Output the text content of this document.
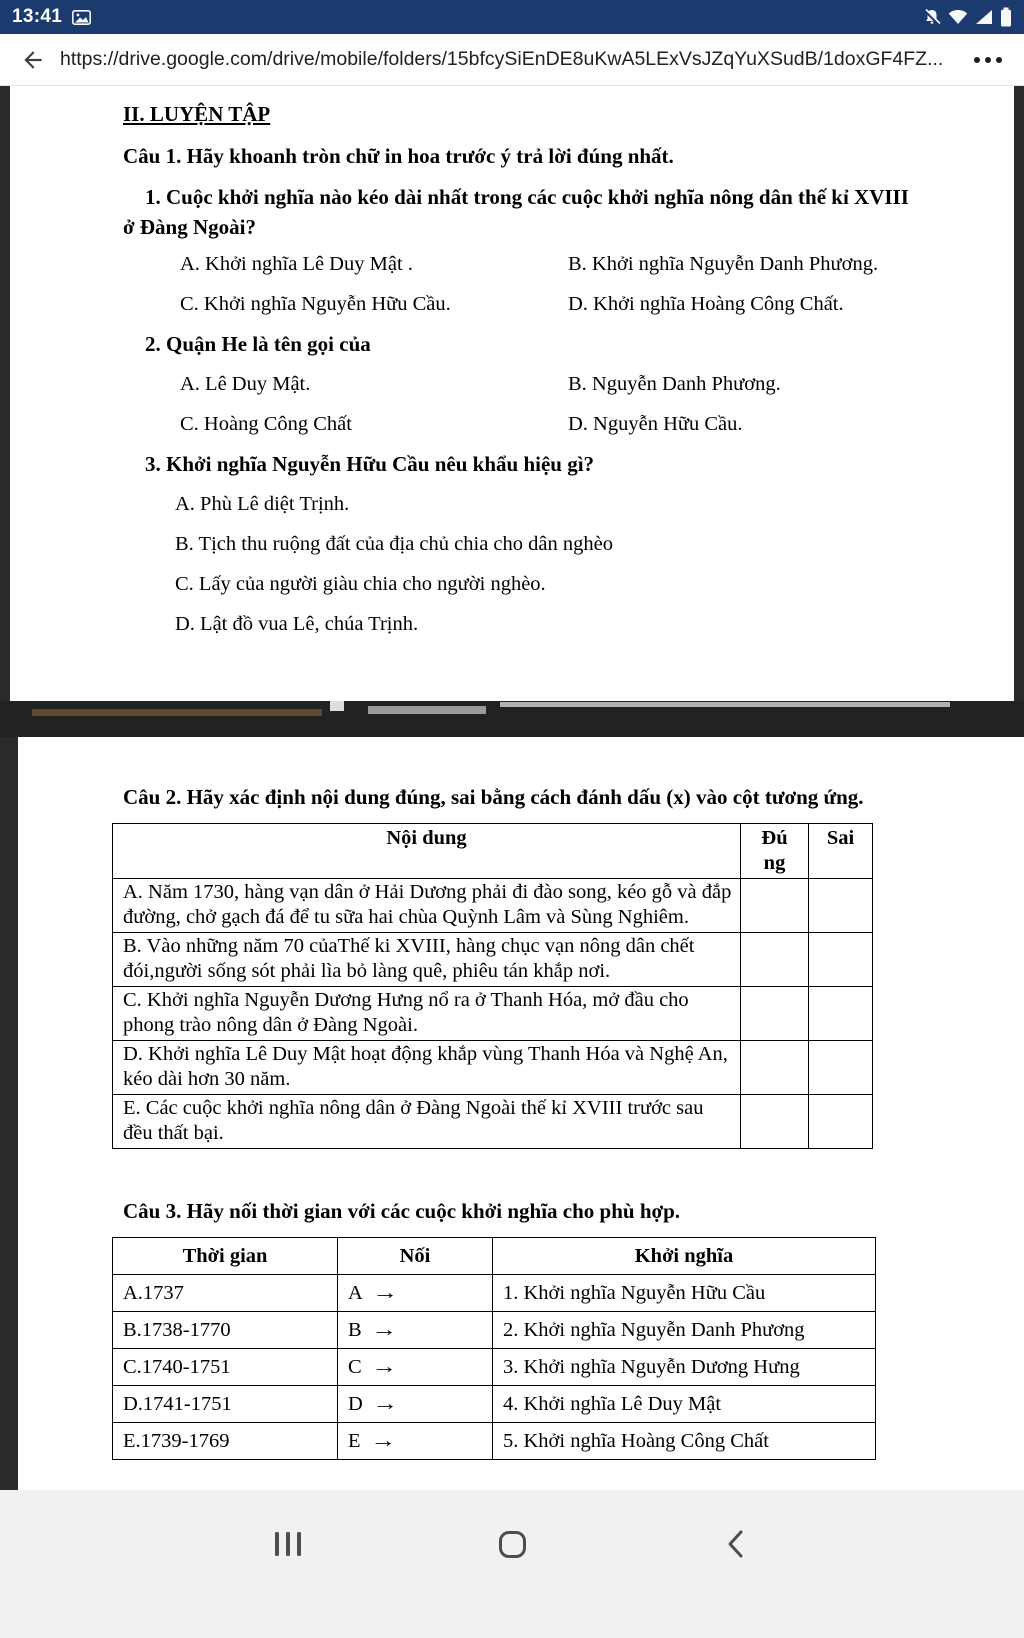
13:41
https://drive.google.com/drive/mobile/folders/15bfcySiEnDE8uKwA5LExVsJZqYuXSudB/1doxGF4FZ...
II. LUYỆN TẬP
Câu 1. Hãy khoanh tròn chữ in hoa trước ý trả lời đúng nhất.
1. Cuộc khởi nghĩa nào kéo dài nhất trong các cuộc khởi nghĩa nông dân thế kỉ XVIII ở Đàng Ngoài?
A. Khởi nghĩa Lê Duy Mật .	B. Khởi nghĩa Nguyễn Danh Phương.
C. Khởi nghĩa Nguyễn Hữu Cầu.	D. Khởi nghĩa Hoàng Công Chất.
2. Quận He là tên gọi của
A. Lê Duy Mật.	B. Nguyễn Danh Phương.
C. Hoàng Công Chất	D. Nguyễn Hữu Cầu.
3. Khởi nghĩa Nguyễn Hữu Cầu nêu khẩu hiệu gì?
A. Phù Lê diệt Trịnh.
B. Tịch thu ruộng đất của địa chủ chia cho dân nghèo
C. Lấy của người giàu chia cho người nghèo.
D. Lật đồ vua Lê, chúa Trịnh.
Câu 2. Hãy xác định nội dung đúng, sai bằng cách đánh dấu (x) vào cột tương ứng.
Nội dung	Đúng	Sai
A. Năm 1730, hàng vạn dân ở Hải Dương phải đi đào song, kéo gỗ và đắp đường, chở gạch đá để tu sữa hai chùa Quỳnh Lâm và Sùng Nghiêm.		
B. Vào những năm 70 củaThế ki XVIII, hàng chục vạn nông dân chết đói,người sống sót phải lìa bỏ làng quê, phiêu tán khắp nơi.		
C. Khởi nghĩa Nguyễn Dương Hưng nổ ra ở Thanh Hóa, mở đầu cho phong trào nông dân ở Đàng Ngoài.		
D. Khởi nghĩa Lê Duy Mật hoạt động khắp vùng Thanh Hóa và Nghệ An, kéo dài hơn 30 năm.		
E. Các cuộc khởi nghĩa nông dân ở Đàng Ngoài thế kỉ XVIII trước sau đều thất bại.		
Câu 3. Hãy nối thời gian với các cuộc khởi nghĩa cho phù hợp.
Thời gian	Nối	Khởi nghĩa
A.1737	A →	1. Khởi nghĩa Nguyễn Hữu Cầu
B.1738-1770	B →	2. Khởi nghĩa Nguyễn Danh Phương
C.1740-1751	C →	3. Khởi nghĩa Nguyễn Dương Hưng
D.1741-1751	D →	4. Khởi nghĩa Lê Duy Mật
E.1739-1769	E →	5. Khởi nghĩa Hoàng Công Chất
